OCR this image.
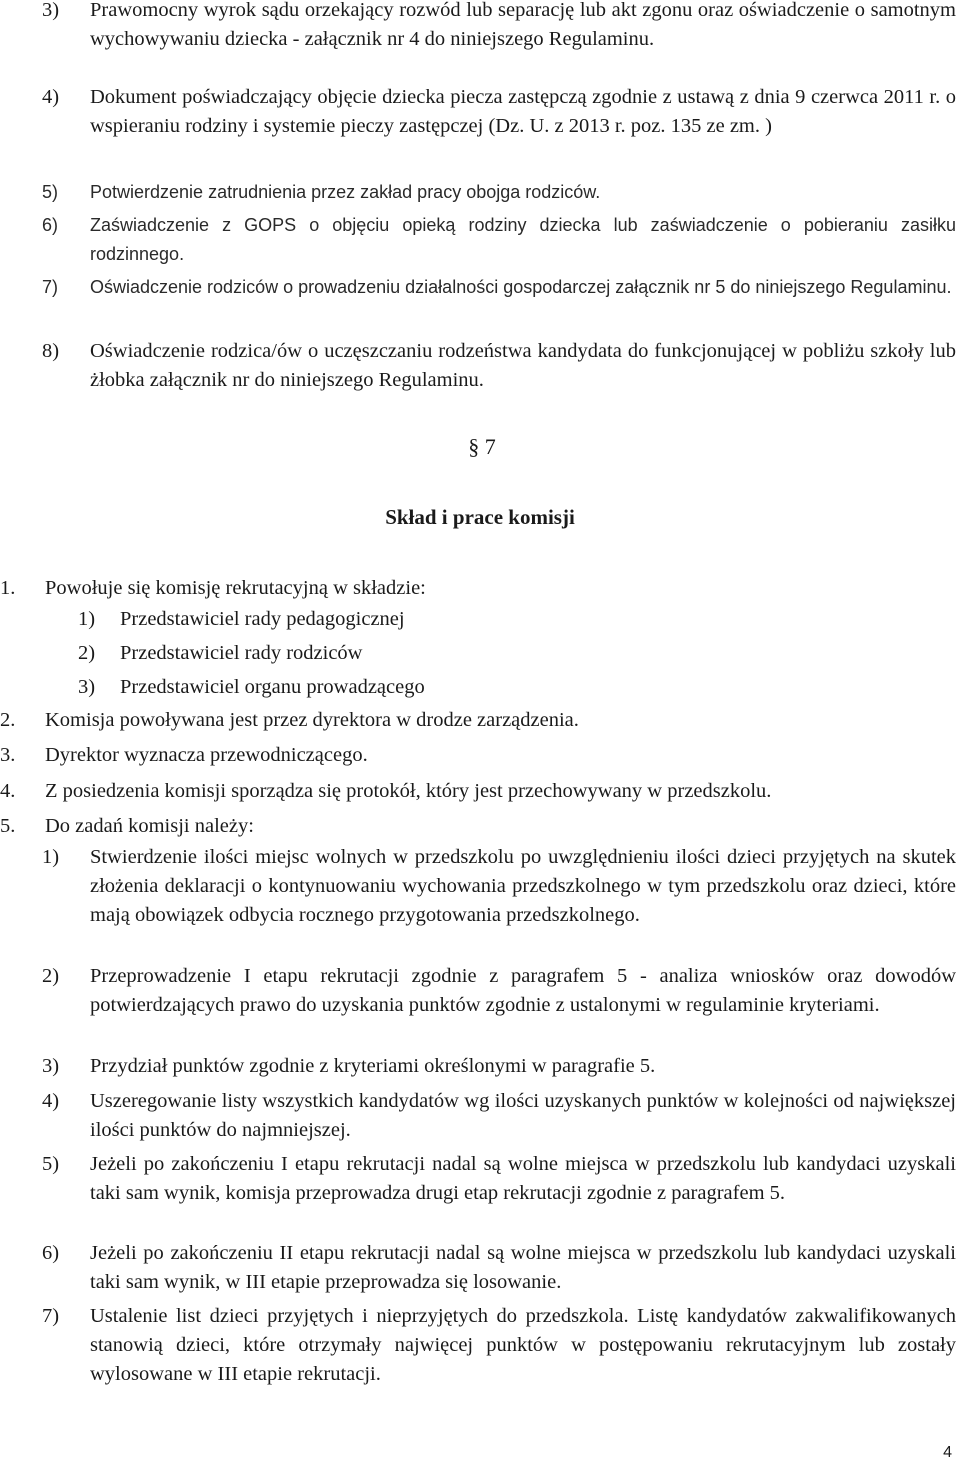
3)	Prawomocny wyrok sądu orzekający rozwód lub separację lub akt zgonu oraz oświadczenie o samotnym wychowywaniu dziecka - załącznik nr 4 do niniejszego Regulaminu.
4)	Dokument poświadczający objęcie dziecka piecza zastępczą zgodnie z ustawą z dnia 9 czerwca 2011 r. o wspieraniu rodziny i systemie pieczy zastępczej (Dz. U. z 2013 r. poz. 135 ze zm. )
5)	Potwierdzenie zatrudnienia przez zakład pracy obojga rodziców.
6)	Zaświadczenie z GOPS o objęciu opieką rodziny dziecka lub zaświadczenie o pobieraniu zasiłku rodzinnego.
7)	Oświadczenie rodziców o prowadzeniu działalności gospodarczej załącznik nr 5 do niniejszego Regulaminu.
8)	Oświadczenie rodzica/ów o uczęszczaniu rodzeństwa kandydata do funkcjonującej w pobliżu szkoły lub żłobka załącznik nr do niniejszego Regulaminu.
§ 7
Skład i prace komisji
1.	Powołuje się komisję rekrutacyjną w składzie:
1)	Przedstawiciel rady pedagogicznej
2)	Przedstawiciel rady rodziców
3)	Przedstawiciel organu prowadzącego
2.	Komisja powoływana jest przez dyrektora w drodze zarządzenia.
3.	Dyrektor wyznacza przewodniczącego.
4.	Z posiedzenia komisji sporządza się protokół, który jest przechowywany w przedszkolu.
5.	Do zadań komisji należy:
1)	Stwierdzenie ilości miejsc wolnych w przedszkolu po uwzględnieniu ilości dzieci przyjętych na skutek złożenia deklaracji o kontynuowaniu wychowania przedszkolnego w tym przedszkolu oraz dzieci, które mają obowiązek odbycia rocznego przygotowania przedszkolnego.
2)	Przeprowadzenie I etapu rekrutacji zgodnie z paragrafem 5 - analiza wniosków oraz dowodów potwierdzających prawo do uzyskania punktów zgodnie z ustalonymi w regulaminie kryteriami.
3)	Przydział punktów zgodnie z kryteriami określonymi w paragrafie 5.
4)	Uszeregowanie listy wszystkich kandydatów wg ilości uzyskanych punktów w kolejności od największej ilości punktów do najmniejszej.
5)	Jeżeli po zakończeniu I etapu rekrutacji nadal są wolne miejsca w przedszkolu lub kandydaci uzyskali taki sam wynik, komisja przeprowadza drugi etap rekrutacji zgodnie z paragrafem 5.
6)	Jeżeli po zakończeniu II etapu rekrutacji nadal są wolne miejsca w przedszkolu lub kandydaci uzyskali taki sam wynik, w III etapie przeprowadza się losowanie.
7)	Ustalenie list dzieci przyjętych i nieprzyjętych do przedszkola. Listę kandydatów zakwalifikowanych stanowią dzieci, które otrzymały najwięcej punktów w postępowaniu rekrutacyjnym lub zostały wylosowane w III etapie rekrutacji.
4
